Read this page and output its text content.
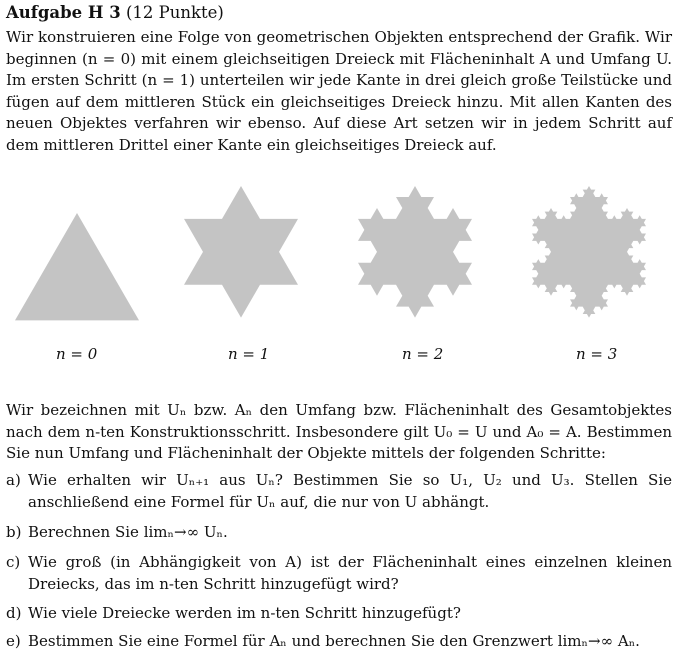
Aufgabe H 3 (12 Punkte)
Wir konstruieren eine Folge von geometrischen Objekten entsprechend der Grafik. Wir beginnen (n = 0) mit einem gleichseitigen Dreieck mit Flächeninhalt A und Umfang U. Im ersten Schritt (n = 1) unterteilen wir jede Kante in drei gleich große Teilstücke und fügen auf dem mittleren Stück ein gleichseitiges Dreieck hinzu. Mit allen Kanten des neuen Objektes verfahren wir ebenso. Auf diese Art setzen wir in jedem Schritt auf dem mittleren Drittel einer Kante ein gleichseitiges Dreieck auf.
n = 0	n = 1	n = 2	n = 3
Wir bezeichnen mit Uₙ bzw. Aₙ den Umfang bzw. Flächeninhalt des Gesamtobjektes nach dem n-ten Konstruktionsschritt. Insbesondere gilt U₀ = U und A₀ = A. Bestimmen Sie nun Umfang und Flächeninhalt der Objekte mittels der folgenden Schritte:
a) Wie erhalten wir Uₙ₊₁ aus Uₙ? Bestimmen Sie so U₁, U₂ und U₃. Stellen Sie anschließend eine Formel für Uₙ auf, die nur von U abhängt.
b) Berechnen Sie limₙ→∞ Uₙ.
c) Wie groß (in Abhängigkeit von A) ist der Flächeninhalt eines einzelnen kleinen Dreiecks, das im n-ten Schritt hinzugefügt wird?
d) Wie viele Dreiecke werden im n-ten Schritt hinzugefügt?
e) Bestimmen Sie eine Formel für Aₙ und berechnen Sie den Grenzwert limₙ→∞ Aₙ.
